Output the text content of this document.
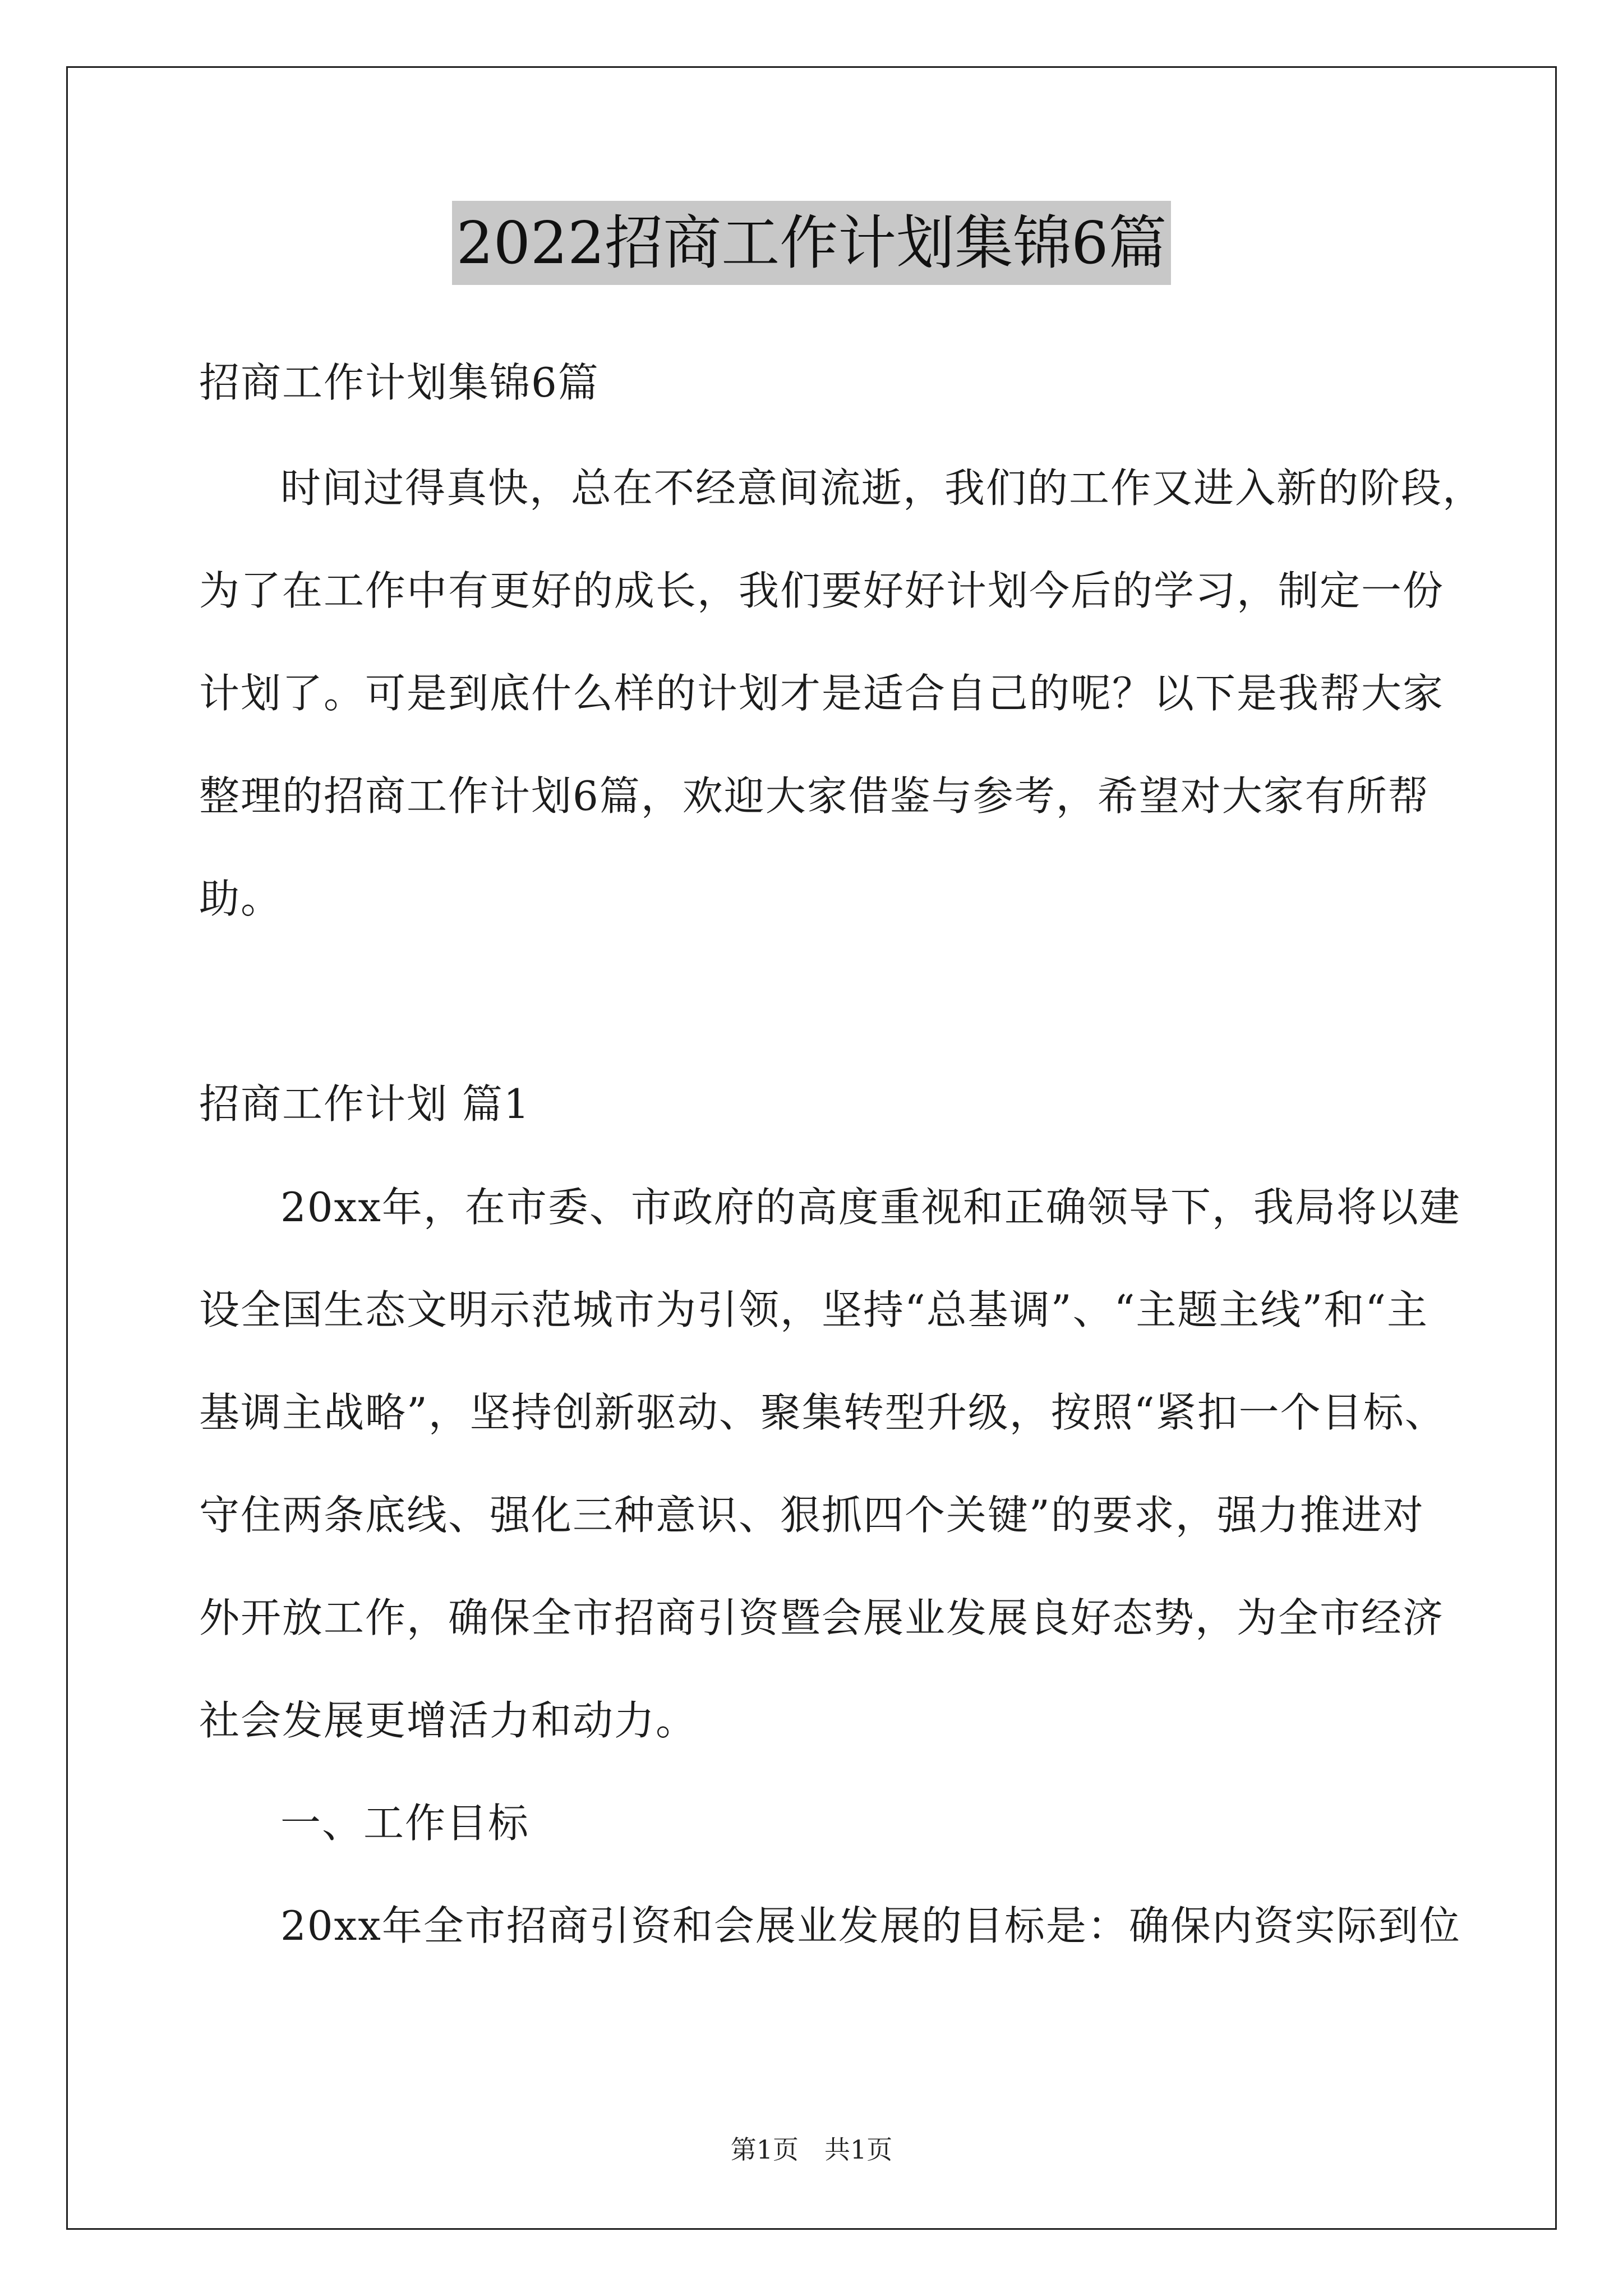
2022招商工作计划集锦6篇
招商工作计划集锦6篇
时间过得真快，总在不经意间流逝，我们的工作又进入新的阶段，
为了在工作中有更好的成长，我们要好好计划今后的学习，制定一份
计划了。可是到底什么样的计划才是适合自己的呢？以下是我帮大家
整理的招商工作计划6篇，欢迎大家借鉴与参考，希望对大家有所帮
助。
招商工作计划 篇1
20xx年，在市委、市政府的高度重视和正确领导下，我局将以建
设全国生态文明示范城市为引领，坚持“总基调”、“主题主线”和“主
基调主战略”，坚持创新驱动、聚集转型升级，按照“紧扣一个目标、
守住两条底线、强化三种意识、狠抓四个关键”的要求，强力推进对
外开放工作，确保全市招商引资暨会展业发展良好态势，为全市经济
社会发展更增活力和动力。
一、工作目标
20xx年全市招商引资和会展业发展的目标是：确保内资实际到位
第1页　共1页
